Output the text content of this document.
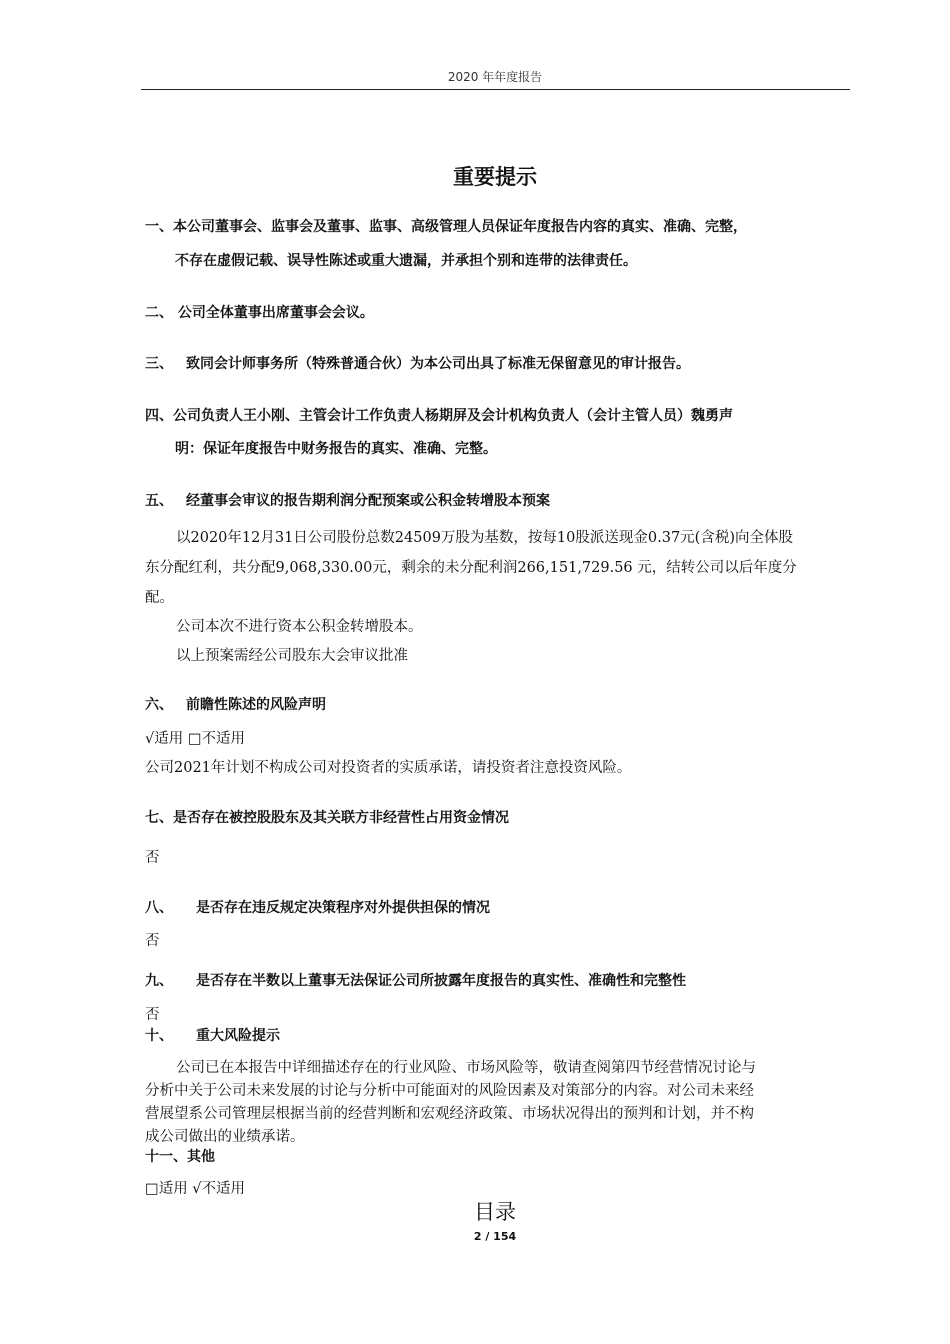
2020 年年度报告
重要提示
一、本公司董事会、监事会及董事、监事、高级管理人员保证年度报告内容的真实、准确、完整，
不存在虚假记载、误导性陈述或重大遗漏，并承担个别和连带的法律责任。
二、 公司全体董事出席董事会会议。
三、 致同会计师事务所（特殊普通合伙）为本公司出具了标准无保留意见的审计报告。
四、公司负责人王小刚、主管会计工作负责人杨期屏及会计机构负责人（会计主管人员）魏勇声
明：保证年度报告中财务报告的真实、准确、完整。
五、 经董事会审议的报告期利润分配预案或公积金转增股本预案
以2020年12月31日公司股份总数24509万股为基数，按每10股派送现金0.37元(含税)向全体股
东分配红利，共分配9,068,330.00元，剩余的未分配利润266,151,729.56 元，结转公司以后年度分
配。
公司本次不进行资本公积金转增股本。
以上预案需经公司股东大会审议批准
六、 前瞻性陈述的风险声明
√适用 □不适用
公司2021年计划不构成公司对投资者的实质承诺，请投资者注意投资风险。
七、是否存在被控股股东及其关联方非经营性占用资金情况
否
八、 是否存在违反规定决策程序对外提供担保的情况
否
九、 是否存在半数以上董事无法保证公司所披露年度报告的真实性、准确性和完整性
否
十、 重大风险提示
公司已在本报告中详细描述存在的行业风险、市场风险等，敬请查阅第四节经营情况讨论与
分析中关于公司未来发展的讨论与分析中可能面对的风险因素及对策部分的内容。对公司未来经
营展望系公司管理层根据当前的经营判断和宏观经济政策、市场状况得出的预判和计划，并不构
成公司做出的业绩承诺。
十一、其他
□适用 √不适用
目录
2 / 154
